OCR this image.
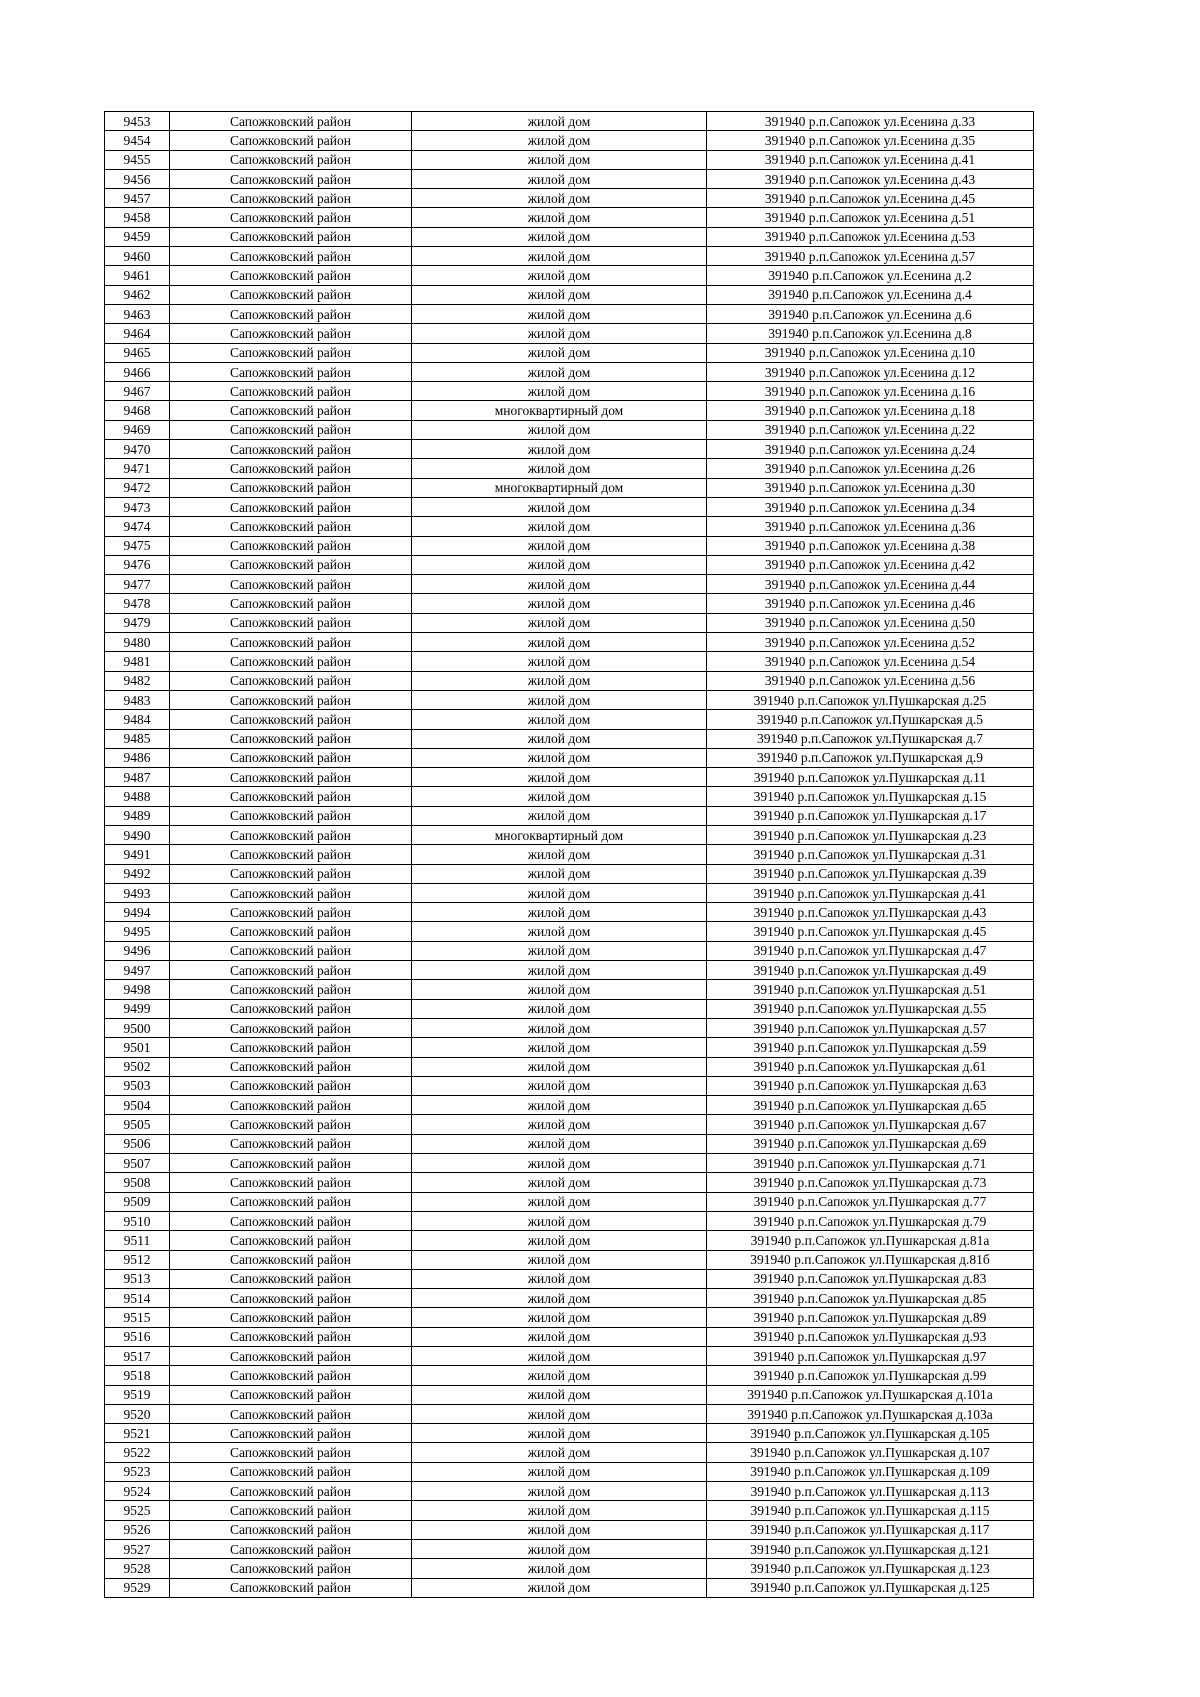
9453	Сапожковский район	жилой дом	391940 р.п.Сапожок ул.Есенина д.33
9454	Сапожковский район	жилой дом	391940 р.п.Сапожок ул.Есенина д.35
9455	Сапожковский район	жилой дом	391940 р.п.Сапожок ул.Есенина д.41
9456	Сапожковский район	жилой дом	391940 р.п.Сапожок ул.Есенина д.43
9457	Сапожковский район	жилой дом	391940 р.п.Сапожок ул.Есенина д.45
9458	Сапожковский район	жилой дом	391940 р.п.Сапожок ул.Есенина д.51
9459	Сапожковский район	жилой дом	391940 р.п.Сапожок ул.Есенина д.53
9460	Сапожковский район	жилой дом	391940 р.п.Сапожок ул.Есенина д.57
9461	Сапожковский район	жилой дом	391940 р.п.Сапожок ул.Есенина д.2
9462	Сапожковский район	жилой дом	391940 р.п.Сапожок ул.Есенина д.4
9463	Сапожковский район	жилой дом	391940 р.п.Сапожок ул.Есенина д.6
9464	Сапожковский район	жилой дом	391940 р.п.Сапожок ул.Есенина д.8
9465	Сапожковский район	жилой дом	391940 р.п.Сапожок ул.Есенина д.10
9466	Сапожковский район	жилой дом	391940 р.п.Сапожок ул.Есенина д.12
9467	Сапожковский район	жилой дом	391940 р.п.Сапожок ул.Есенина д.16
9468	Сапожковский район	многоквартирный дом	391940 р.п.Сапожок ул.Есенина д.18
9469	Сапожковский район	жилой дом	391940 р.п.Сапожок ул.Есенина д.22
9470	Сапожковский район	жилой дом	391940 р.п.Сапожок ул.Есенина д.24
9471	Сапожковский район	жилой дом	391940 р.п.Сапожок ул.Есенина д.26
9472	Сапожковский район	многоквартирный дом	391940 р.п.Сапожок ул.Есенина д.30
9473	Сапожковский район	жилой дом	391940 р.п.Сапожок ул.Есенина д.34
9474	Сапожковский район	жилой дом	391940 р.п.Сапожок ул.Есенина д.36
9475	Сапожковский район	жилой дом	391940 р.п.Сапожок ул.Есенина д.38
9476	Сапожковский район	жилой дом	391940 р.п.Сапожок ул.Есенина д.42
9477	Сапожковский район	жилой дом	391940 р.п.Сапожок ул.Есенина д.44
9478	Сапожковский район	жилой дом	391940 р.п.Сапожок ул.Есенина д.46
9479	Сапожковский район	жилой дом	391940 р.п.Сапожок ул.Есенина д.50
9480	Сапожковский район	жилой дом	391940 р.п.Сапожок ул.Есенина д.52
9481	Сапожковский район	жилой дом	391940 р.п.Сапожок ул.Есенина д.54
9482	Сапожковский район	жилой дом	391940 р.п.Сапожок ул.Есенина д.56
9483	Сапожковский район	жилой дом	391940 р.п.Сапожок ул.Пушкарская д.25
9484	Сапожковский район	жилой дом	391940 р.п.Сапожок ул.Пушкарская д.5
9485	Сапожковский район	жилой дом	391940 р.п.Сапожок ул.Пушкарская д.7
9486	Сапожковский район	жилой дом	391940 р.п.Сапожок ул.Пушкарская д.9
9487	Сапожковский район	жилой дом	391940 р.п.Сапожок ул.Пушкарская д.11
9488	Сапожковский район	жилой дом	391940 р.п.Сапожок ул.Пушкарская д.15
9489	Сапожковский район	жилой дом	391940 р.п.Сапожок ул.Пушкарская д.17
9490	Сапожковский район	многоквартирный дом	391940 р.п.Сапожок ул.Пушкарская д.23
9491	Сапожковский район	жилой дом	391940 р.п.Сапожок ул.Пушкарская д.31
9492	Сапожковский район	жилой дом	391940 р.п.Сапожок ул.Пушкарская д.39
9493	Сапожковский район	жилой дом	391940 р.п.Сапожок ул.Пушкарская д.41
9494	Сапожковский район	жилой дом	391940 р.п.Сапожок ул.Пушкарская д.43
9495	Сапожковский район	жилой дом	391940 р.п.Сапожок ул.Пушкарская д.45
9496	Сапожковский район	жилой дом	391940 р.п.Сапожок ул.Пушкарская д.47
9497	Сапожковский район	жилой дом	391940 р.п.Сапожок ул.Пушкарская д.49
9498	Сапожковский район	жилой дом	391940 р.п.Сапожок ул.Пушкарская д.51
9499	Сапожковский район	жилой дом	391940 р.п.Сапожок ул.Пушкарская д.55
9500	Сапожковский район	жилой дом	391940 р.п.Сапожок ул.Пушкарская д.57
9501	Сапожковский район	жилой дом	391940 р.п.Сапожок ул.Пушкарская д.59
9502	Сапожковский район	жилой дом	391940 р.п.Сапожок ул.Пушкарская д.61
9503	Сапожковский район	жилой дом	391940 р.п.Сапожок ул.Пушкарская д.63
9504	Сапожковский район	жилой дом	391940 р.п.Сапожок ул.Пушкарская д.65
9505	Сапожковский район	жилой дом	391940 р.п.Сапожок ул.Пушкарская д.67
9506	Сапожковский район	жилой дом	391940 р.п.Сапожок ул.Пушкарская д.69
9507	Сапожковский район	жилой дом	391940 р.п.Сапожок ул.Пушкарская д.71
9508	Сапожковский район	жилой дом	391940 р.п.Сапожок ул.Пушкарская д.73
9509	Сапожковский район	жилой дом	391940 р.п.Сапожок ул.Пушкарская д.77
9510	Сапожковский район	жилой дом	391940 р.п.Сапожок ул.Пушкарская д.79
9511	Сапожковский район	жилой дом	391940 р.п.Сапожок ул.Пушкарская д.81а
9512	Сапожковский район	жилой дом	391940 р.п.Сапожок ул.Пушкарская д.81б
9513	Сапожковский район	жилой дом	391940 р.п.Сапожок ул.Пушкарская д.83
9514	Сапожковский район	жилой дом	391940 р.п.Сапожок ул.Пушкарская д.85
9515	Сапожковский район	жилой дом	391940 р.п.Сапожок ул.Пушкарская д.89
9516	Сапожковский район	жилой дом	391940 р.п.Сапожок ул.Пушкарская д.93
9517	Сапожковский район	жилой дом	391940 р.п.Сапожок ул.Пушкарская д.97
9518	Сапожковский район	жилой дом	391940 р.п.Сапожок ул.Пушкарская д.99
9519	Сапожковский район	жилой дом	391940 р.п.Сапожок ул.Пушкарская д.101а
9520	Сапожковский район	жилой дом	391940 р.п.Сапожок ул.Пушкарская д.103а
9521	Сапожковский район	жилой дом	391940 р.п.Сапожок ул.Пушкарская д.105
9522	Сапожковский район	жилой дом	391940 р.п.Сапожок ул.Пушкарская д.107
9523	Сапожковский район	жилой дом	391940 р.п.Сапожок ул.Пушкарская д.109
9524	Сапожковский район	жилой дом	391940 р.п.Сапожок ул.Пушкарская д.113
9525	Сапожковский район	жилой дом	391940 р.п.Сапожок ул.Пушкарская д.115
9526	Сапожковский район	жилой дом	391940 р.п.Сапожок ул.Пушкарская д.117
9527	Сапожковский район	жилой дом	391940 р.п.Сапожок ул.Пушкарская д.121
9528	Сапожковский район	жилой дом	391940 р.п.Сапожок ул.Пушкарская д.123
9529	Сапожковский район	жилой дом	391940 р.п.Сапожок ул.Пушкарская д.125
